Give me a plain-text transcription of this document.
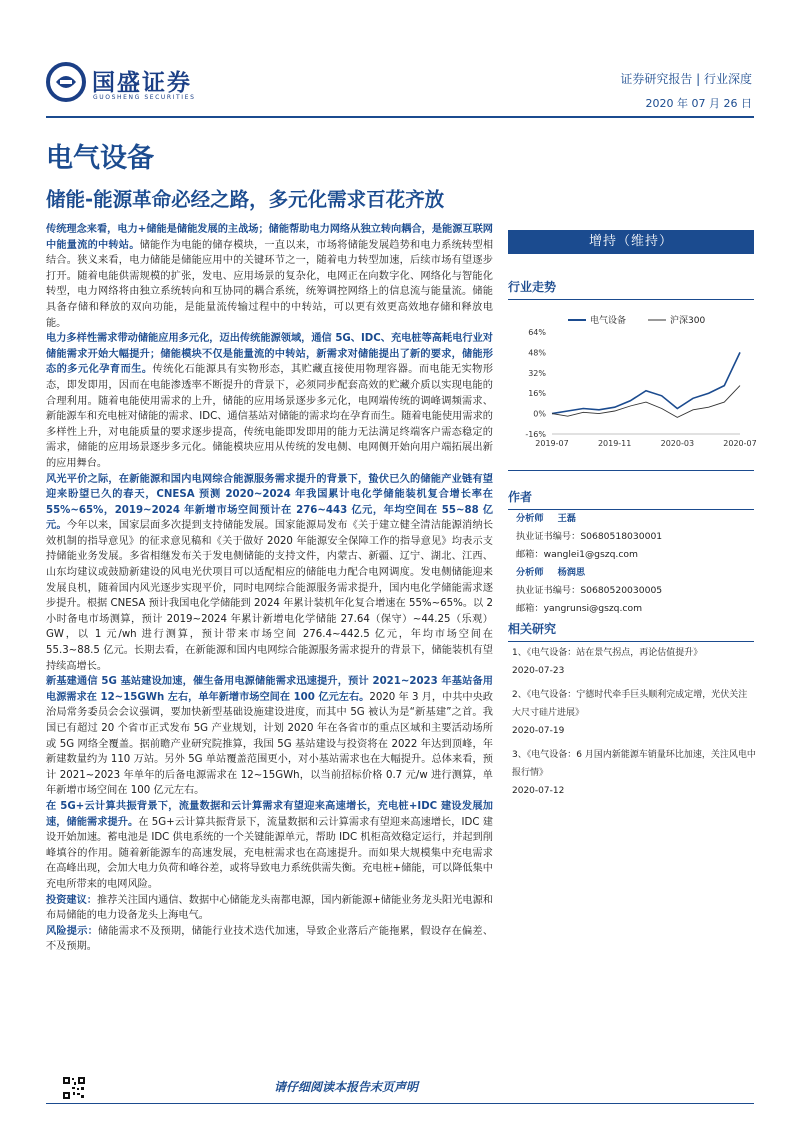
国盛证券
GUOSHENG SECURITIES
证券研究报告 | 行业深度
2020 年 07 月 26 日
电气设备
储能-能源革命必经之路，多元化需求百花齐放

传统理念来看，电力+储能是储能发展的主战场；储能帮助电力网络从独立转向耦合，是能源互联网中能量流的中转站。储能作为电能的储存模块，一直以来，市场将储能发展趋势和电力系统转型相结合。狭义来看，电力储能是储能应用中的关键环节之一，随着电力转型加速，后续市场有望逐步打开。随着电能供需规模的扩张，发电、应用场景的复杂化，电网正在向数字化、网络化与智能化转型，电力网络将由独立系统转向和互协同的耦合系统，统筹调控网络上的信息流与能量流。储能具备存储和释放的双向功能，是能量流传输过程中的中转站，可以更有效更高效地存储和释放电能。

电力多样性需求带动储能应用多元化，迈出传统能源领域，通信 5G、IDC、充电桩等高耗电行业对储能需求开始大幅提升；储能模块不仅是能量流的中转站，新需求对储能提出了新的要求，储能形态的多元化孕育而生。传统化石能源具有实物形态，其贮藏直接使用物理容器。而电能无实物形态，即发即用，因而在电能渗透率不断提升的背景下，必须同步配套高效的贮藏介质以实现电能的合理利用。随着电能使用需求的上升，储能的应用场景逐步多元化，电网端传统的调峰调频需求、新能源车和充电桩对储能的需求、IDC、通信基站对储能的需求均在孕育而生。随着电能使用需求的多样性上升，对电能质量的要求逐步提高，传统电能即发即用的能力无法满足终端客户需态稳定的需求，储能的应用场景逐步多元化。储能模块应用从传统的发电侧、电网侧开始向用户端拓展出新的应用舞台。

风光平价之际，在新能源和国内电网综合能源服务需求提升的背景下，蛰伏已久的储能产业链有望迎来盼望已久的春天，CNESA 预测 2020~2024 年我国累计电化学储能装机复合增长率在 55%~65%，2019~2024 年新增市场空间预计在 276~443 亿元，年均空间在 55~88 亿元。今年以来，国家层面多次提到支持储能发展。国家能源局发布《关于建立健全清洁能源消纳长效机制的指导意见》的征求意见稿和《关于做好 2020 年能源安全保障工作的指导意见》均表示支持储能业务发展。多省相继发布关于发电侧储能的支持文件，内蒙古、新疆、辽宁、湖北、江西、山东均建议或鼓励新建设的风电光伏项目可以适配相应的储能电力配合电网调度。发电侧储能迎来发展良机，随着国内风光逐步实现平价，同时电网综合能源服务需求提升，国内电化学储能需求逐步提升。根据 CNESA 预计我国电化学储能到 2024 年累计装机年化复合增速在 55%~65%。以 2 小时备电市场测算，预计 2019~2024 年累计新增电化学储能 27.64（保守）~44.25（乐观）GW，以 1 元/wh 进行测算，预计带来市场空间 276.4~442.5 亿元，年均市场空间在 55.3~88.5 亿元。长期去看，在新能源和国内电网综合能源服务需求提升的背景下，储能装机有望持续高增长。

新基建通信 5G 基站建设加速，催生备用电源储能需求迅速提升，预计 2021~2023 年基站备用电源需求在 12~15GWh 左右，单年新增市场空间在 100 亿元左右。2020 年 3 月，中共中央政治局常务委员会会议强调，要加快新型基础设施建设进度，而其中 5G 被认为是“新基建”之首。我国已有超过 20 个省市正式发布 5G 产业规划，计划 2020 年在各省市的重点区域和主要活动场所或 5G 网络全覆盖。据前瞻产业研究院推算，我国 5G 基站建设与投资将在 2022 年达到顶峰，年新建数量约为 110 万站。另外 5G 单站覆盖范围更小，对小基站需求也在大幅提升。总体来看，预计 2021~2023 年单年的后备电源需求在 12~15GWh，以当前招标价格 0.7 元/w 进行测算，单年新增市场空间在 100 亿元左右。

在 5G+云计算共振背景下，流量数据和云计算需求有望迎来高速增长，充电桩+IDC 建设发展加速，储能需求提升。在 5G+云计算共振背景下，流量数据和云计算需求有望迎来高速增长，IDC 建设开始加速。蓄电池是 IDC 供电系统的一个关键能源单元，帮助 IDC 机柜高效稳定运行，并起到削峰填谷的作用。随着新能源车的高速发展，充电桩需求也在高速提升。而如果大规模集中充电需求在高峰出现，会加大电力负荷和峰谷差，或将导致电力系统供需失衡。充电桩+储能，可以降低集中充电所带来的电网风险。

投资建议：推荐关注国内通信、数据中心储能龙头南都电源，国内新能源+储能业务龙头阳光电源和布局储能的电力设备龙头上海电气。

风险提示：储能需求不及预期，储能行业技术迭代加速，导致企业落后产能拖累，假设存在偏差、不及预期。

增持（维持）
行业走势
64%
48%
32%
16%
0%
-16%
2019-07	2019-11	2020-03	2020-07
电气设备	沪深300
作者
分析师 王磊
执业证书编号：S0680518030001
邮箱：wanglei1@gszq.com
分析师 杨润思
执业证书编号：S0680520030005
邮箱：yangrunsi@gszq.com
相关研究
1、《电气设备：站在景气拐点，再论估值提升》
2020-07-23
2、《电气设备：宁德时代牵手巨头顺利完成定增，光伏关注大尺寸硅片进展》
2020-07-19
3、《电气设备：6 月国内新能源车销量环比加速，关注风电中报行情》
2020-07-12
请仔细阅读本报告末页声明
